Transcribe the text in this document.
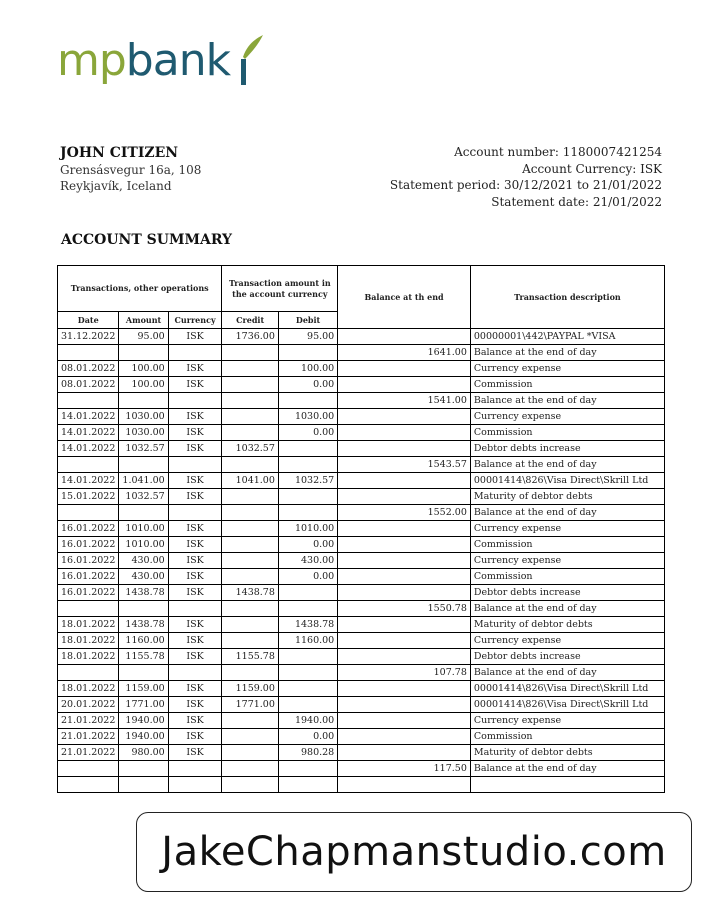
mpbank
JOHN CITIZEN
Grensásvegur 16a, 108
Reykjavík, Iceland
Account number: 1180007421254
Account Currency: ISK
Statement period: 30/12/2021 to 21/01/2022
Statement date: 21/01/2022
ACCOUNT SUMMARY
Transactions, other operations			Transaction amount in the account currency		Balance at th end	Transaction description
Date	Amount	Currency	Credit	Debit		
31.12.2022	95.00	ISK	1736.00	95.00		00000001\442\PAYPAL *VISA
					1641.00	Balance at the end of day
08.01.2022	100.00	ISK		100.00		Currency expense
08.01.2022	100.00	ISK		0.00		Commission
					1541.00	Balance at the end of day
14.01.2022	1030.00	ISK		1030.00		Currency expense
14.01.2022	1030.00	ISK		0.00		Commission
14.01.2022	1032.57	ISK	1032.57			Debtor debts increase
					1543.57	Balance at the end of day
14.01.2022	1.041.00	ISK	1041.00	1032.57		00001414\826\Visa Direct\Skrill Ltd
15.01.2022	1032.57	ISK				Maturity of debtor debts
					1552.00	Balance at the end of day
16.01.2022	1010.00	ISK		1010.00		Currency expense
16.01.2022	1010.00	ISK		0.00		Commission
16.01.2022	430.00	ISK		430.00		Currency expense
16.01.2022	430.00	ISK		0.00		Commission
16.01.2022	1438.78	ISK	1438.78			Debtor debts increase
					1550.78	Balance at the end of day
18.01.2022	1438.78	ISK		1438.78		Maturity of debtor debts
18.01.2022	1160.00	ISK		1160.00		Currency expense
18.01.2022	1155.78	ISK	1155.78			Debtor debts increase
					107.78	Balance at the end of day
18.01.2022	1159.00	ISK	1159.00			00001414\826\Visa Direct\Skrill Ltd
20.01.2022	1771.00	ISK	1771.00			00001414\826\Visa Direct\Skrill Ltd
21.01.2022	1940.00	ISK		1940.00		Currency expense
21.01.2022	1940.00	ISK		0.00		Commission
21.01.2022	980.00	ISK		980.28		Maturity of debtor debts
					117.50	Balance at the end of day

JakeChapmanstudio.com
